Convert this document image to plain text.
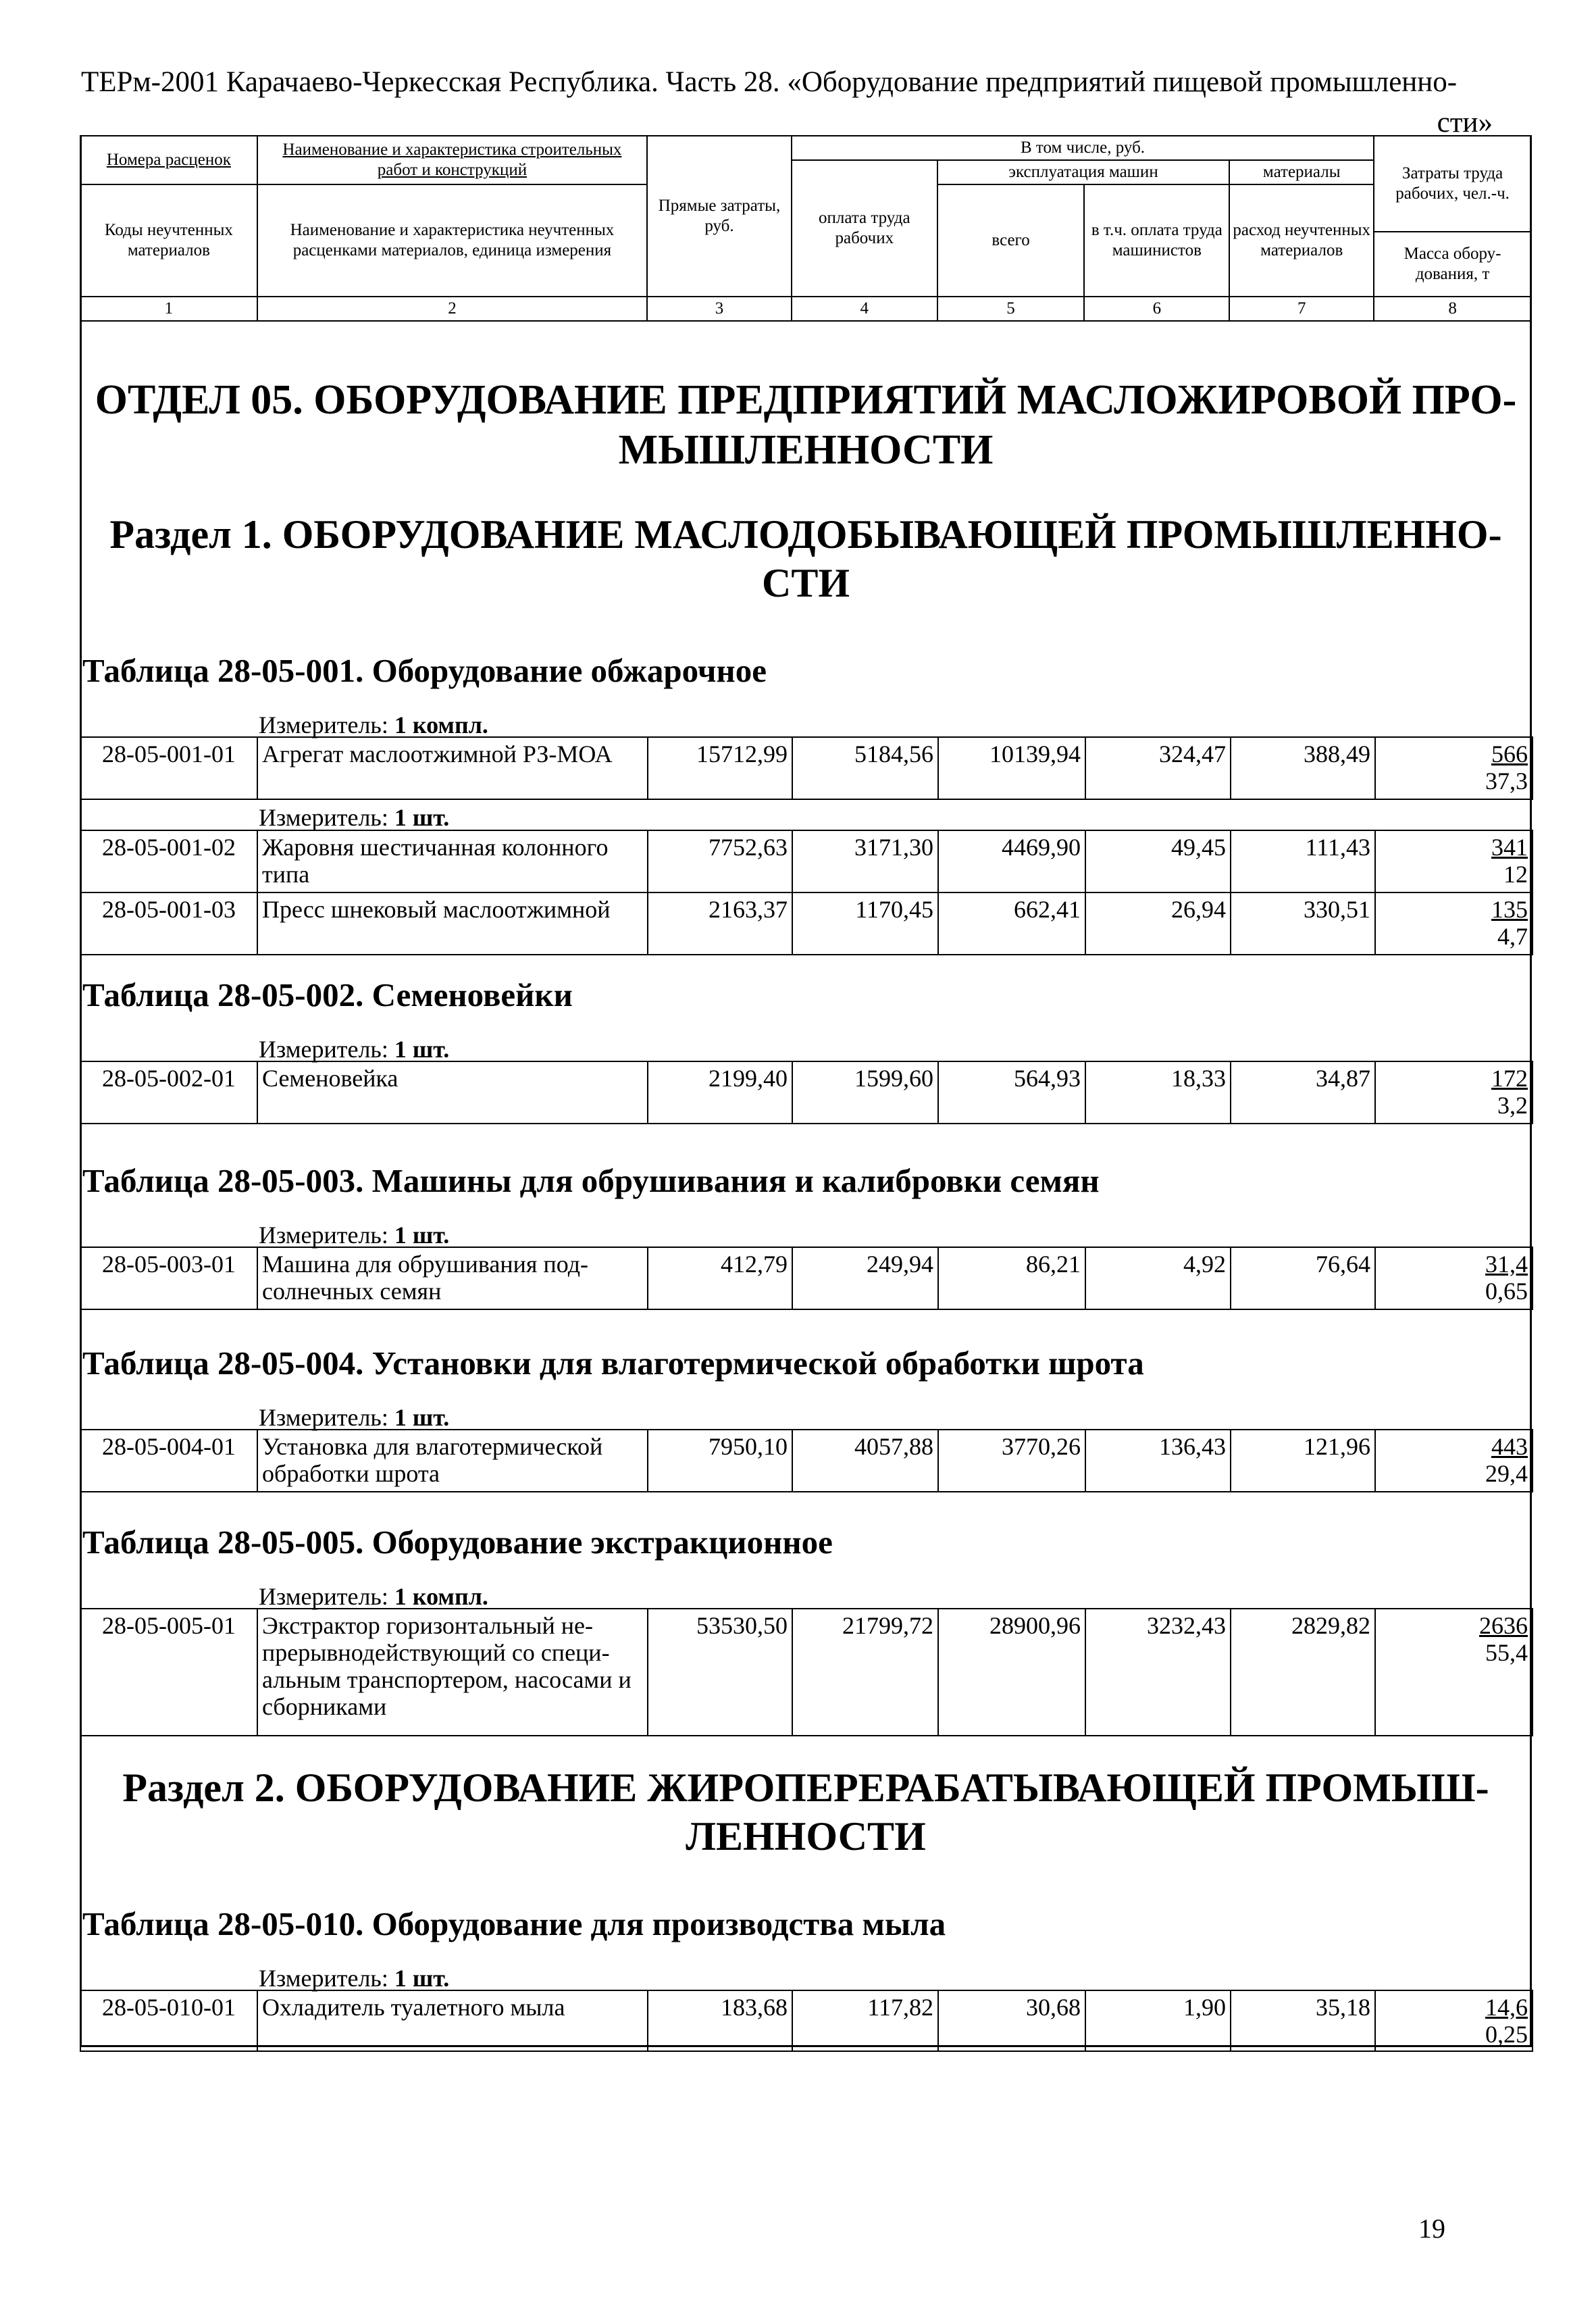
ТЕРм-2001 Карачаево-Черкесская Республика. Часть 28. «Оборудование предприятий пищевой промышленно-
сти»
Номера расценок	Наименование и характеристика строительных работ и конструкций	Прямые затраты, руб.	В том числе, руб.				Затраты труда рабочих, чел.-ч.
			оплата труда рабочих	эксплуатация машин		материалы	
Коды неучтенных материалов	Наименование и характеристика неучтенных расценками материалов, единица измерения			всего	в т.ч. оплата труда машинистов	расход неучтенных материалов	
							Масса обору-дования, т
1	2	3	4	5	6	7	8
ОТДЕЛ 05. ОБОРУДОВАНИЕ ПРЕДПРИЯТИЙ МАСЛОЖИРОВОЙ ПРО-МЫШЛЕННОСТИ
Раздел 1. ОБОРУДОВАНИЕ МАСЛОДОБЫВАЮЩЕЙ ПРОМЫШЛЕННО-СТИ
Таблица 28-05-001. Оборудование обжарочное
Измеритель: 1 компл.
28-05-001-01	Агрегат маслоотжимной РЗ-МОА	15712,99	5184,56	10139,94	324,47	388,49	566
37,3
Измеритель: 1 шт.
28-05-001-02	Жаровня шестичанная колонного типа	7752,63	3171,30	4469,90	49,45	111,43	341
12
28-05-001-03	Пресс шнековый маслоотжимной	2163,37	1170,45	662,41	26,94	330,51	135
4,7
Таблица 28-05-002. Семеновейки
Измеритель: 1 шт.
28-05-002-01	Семеновейка	2199,40	1599,60	564,93	18,33	34,87	172
3,2
Таблица 28-05-003. Машины для обрушивания и калибровки семян
Измеритель: 1 шт.
28-05-003-01	Машина для обрушивания под-солнечных семян	412,79	249,94	86,21	4,92	76,64	31,4
0,65
Таблица 28-05-004. Установки для влаготермической обработки шрота
Измеритель: 1 шт.
28-05-004-01	Установка для влаготермической обработки шрота	7950,10	4057,88	3770,26	136,43	121,96	443
29,4
Таблица 28-05-005. Оборудование экстракционное
Измеритель: 1 компл.
28-05-005-01	Экстрактор горизонтальный не-прерывнодействующий со специ-альным транспортером, насосами и сборниками	53530,50	21799,72	28900,96	3232,43	2829,82	2636
55,4
Раздел 2. ОБОРУДОВАНИЕ ЖИРОПЕРЕРАБАТЫВАЮЩЕЙ ПРОМЫШ-ЛЕННОСТИ
Таблица 28-05-010. Оборудование для производства мыла
Измеритель: 1 шт.
28-05-010-01	Охладитель туалетного мыла	183,68	117,82	30,68	1,90	35,18	14,6
0,25
19
